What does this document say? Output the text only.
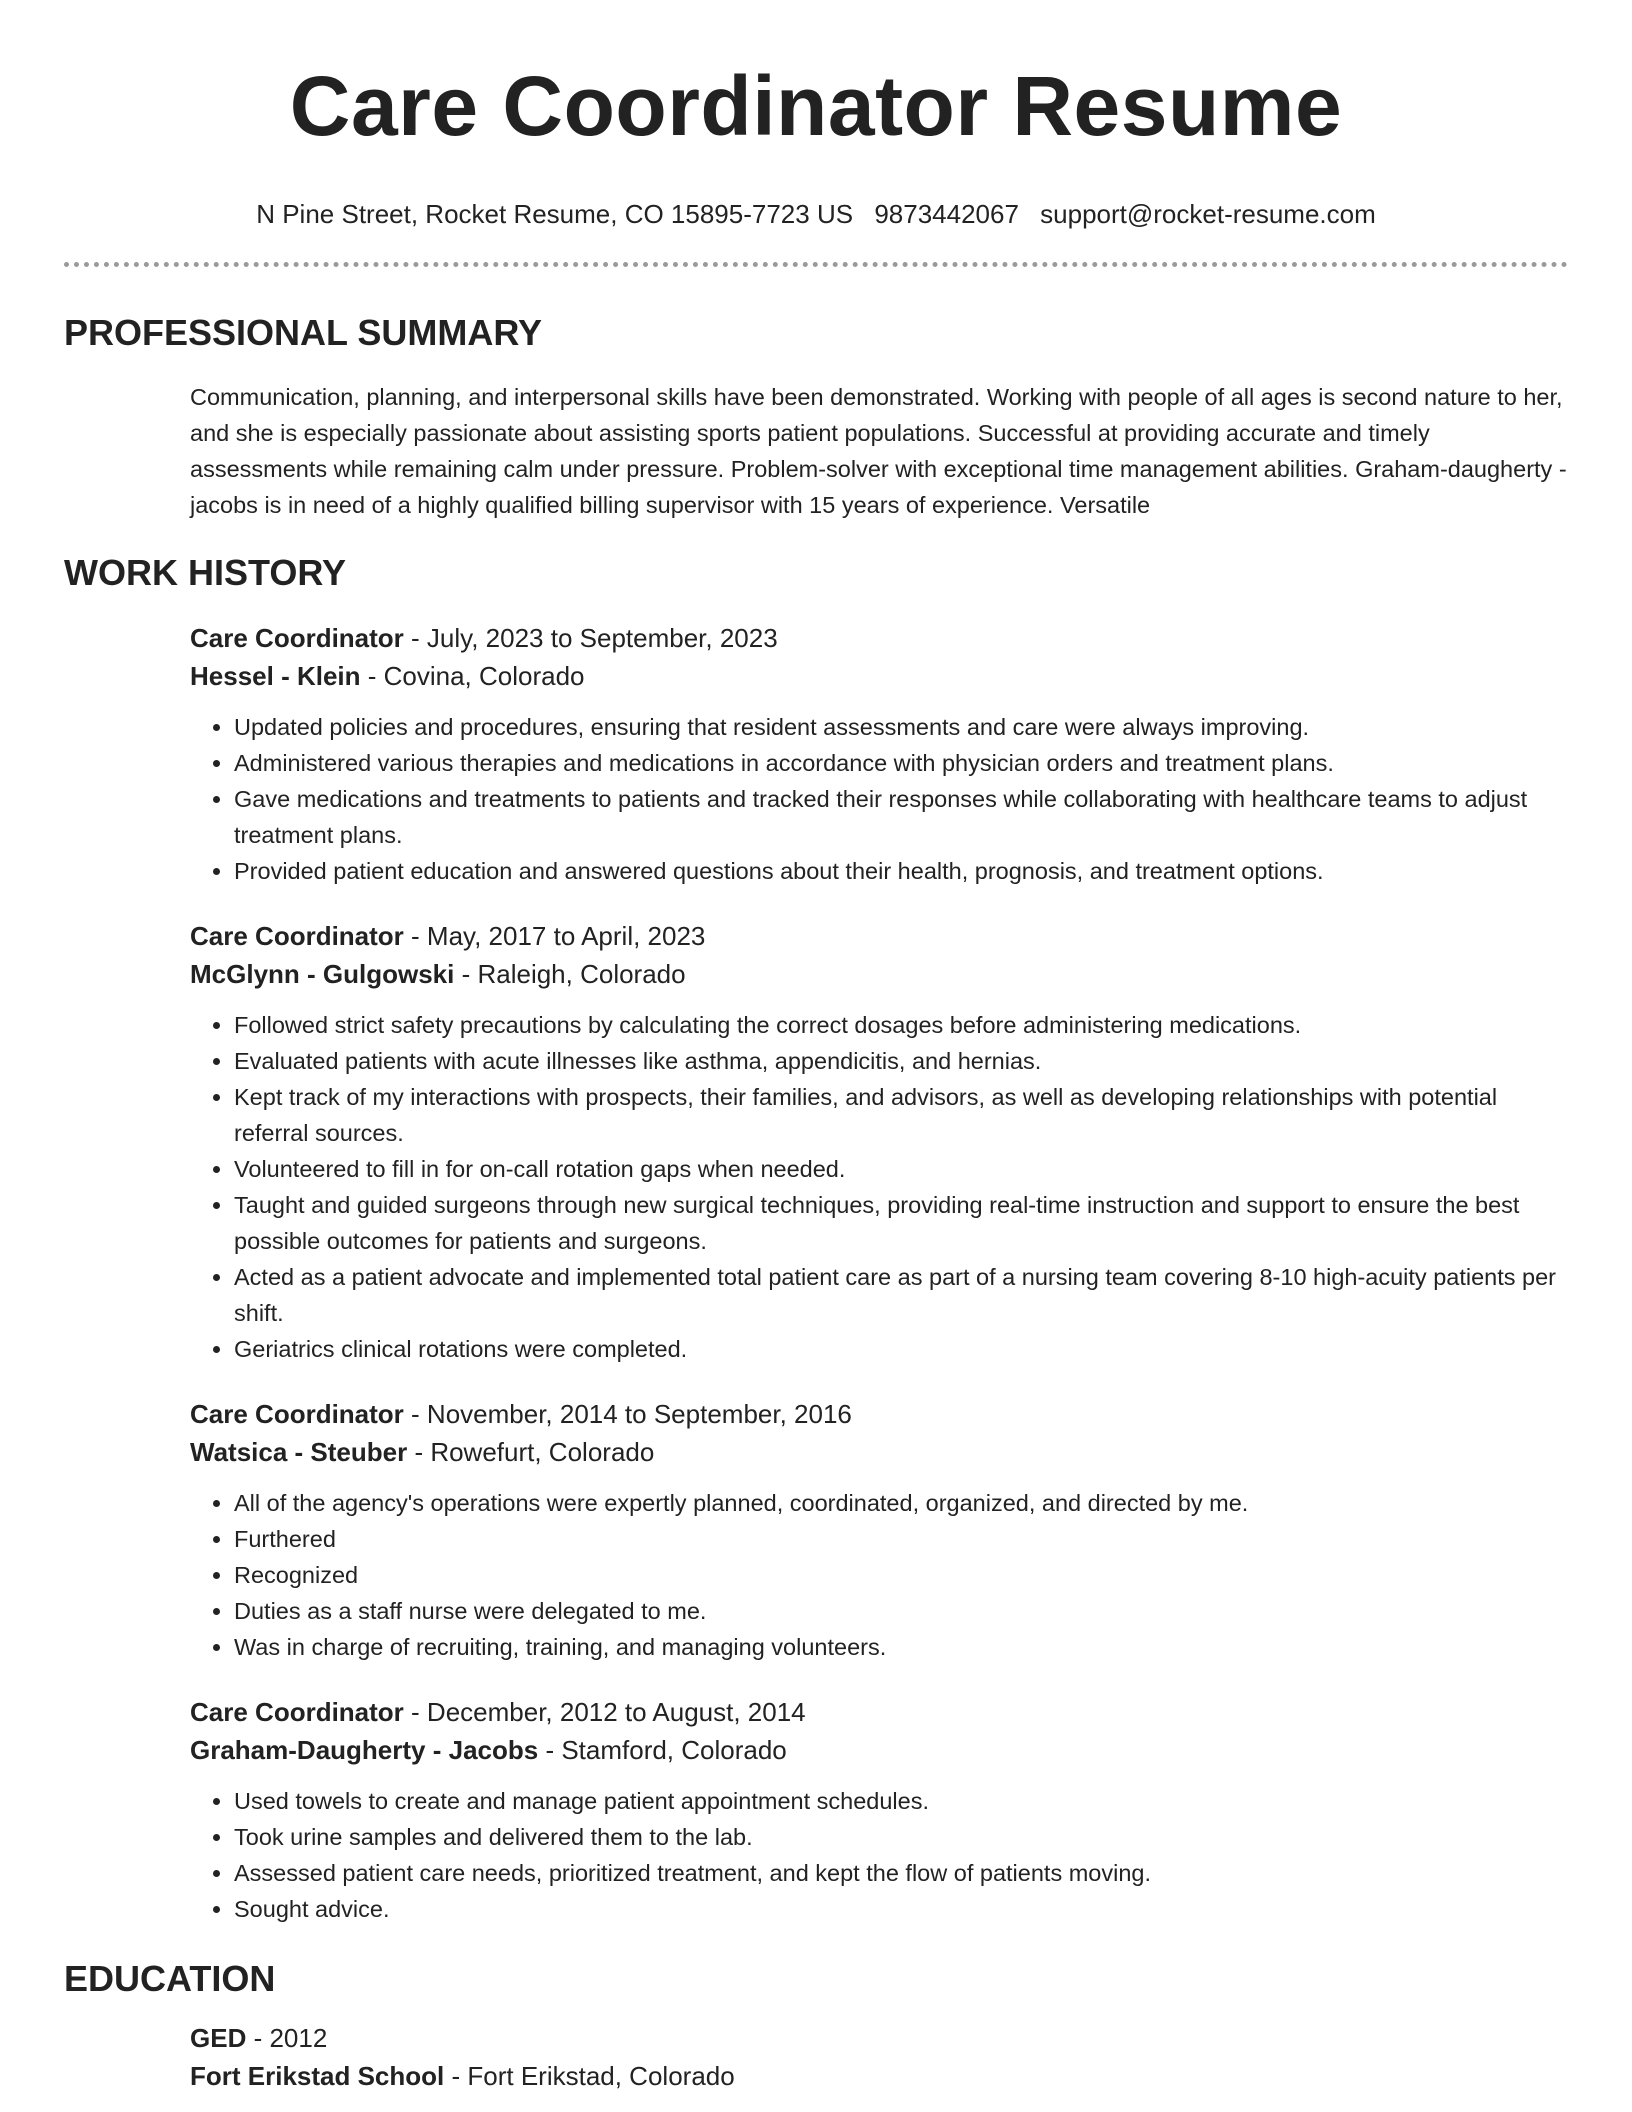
Care Coordinator Resume
N Pine Street, Rocket Resume, CO 15895-7723 US 9873442067 support@rocket-resume.com
PROFESSIONAL SUMMARY
Communication, planning, and interpersonal skills have been demonstrated. Working with people of all ages is second nature to her, and she is especially passionate about assisting sports patient populations. Successful at providing accurate and timely assessments while remaining calm under pressure. Problem-solver with exceptional time management abilities. Graham-daugherty - jacobs is in need of a highly qualified billing supervisor with 15 years of experience. Versatile
WORK HISTORY
Care Coordinator - July, 2023 to September, 2023
Hessel - Klein - Covina, Colorado
• Updated policies and procedures, ensuring that resident assessments and care were always improving.
• Administered various therapies and medications in accordance with physician orders and treatment plans.
• Gave medications and treatments to patients and tracked their responses while collaborating with healthcare teams to adjust treatment plans.
• Provided patient education and answered questions about their health, prognosis, and treatment options.
Care Coordinator - May, 2017 to April, 2023
McGlynn - Gulgowski - Raleigh, Colorado
• Followed strict safety precautions by calculating the correct dosages before administering medications.
• Evaluated patients with acute illnesses like asthma, appendicitis, and hernias.
• Kept track of my interactions with prospects, their families, and advisors, as well as developing relationships with potential referral sources.
• Volunteered to fill in for on-call rotation gaps when needed.
• Taught and guided surgeons through new surgical techniques, providing real-time instruction and support to ensure the best possible outcomes for patients and surgeons.
• Acted as a patient advocate and implemented total patient care as part of a nursing team covering 8-10 high-acuity patients per shift.
• Geriatrics clinical rotations were completed.
Care Coordinator - November, 2014 to September, 2016
Watsica - Steuber - Rowefurt, Colorado
• All of the agency's operations were expertly planned, coordinated, organized, and directed by me.
• Furthered
• Recognized
• Duties as a staff nurse were delegated to me.
• Was in charge of recruiting, training, and managing volunteers.
Care Coordinator - December, 2012 to August, 2014
Graham-Daugherty - Jacobs - Stamford, Colorado
• Used towels to create and manage patient appointment schedules.
• Took urine samples and delivered them to the lab.
• Assessed patient care needs, prioritized treatment, and kept the flow of patients moving.
• Sought advice.
EDUCATION
GED - 2012
Fort Erikstad School - Fort Erikstad, Colorado
